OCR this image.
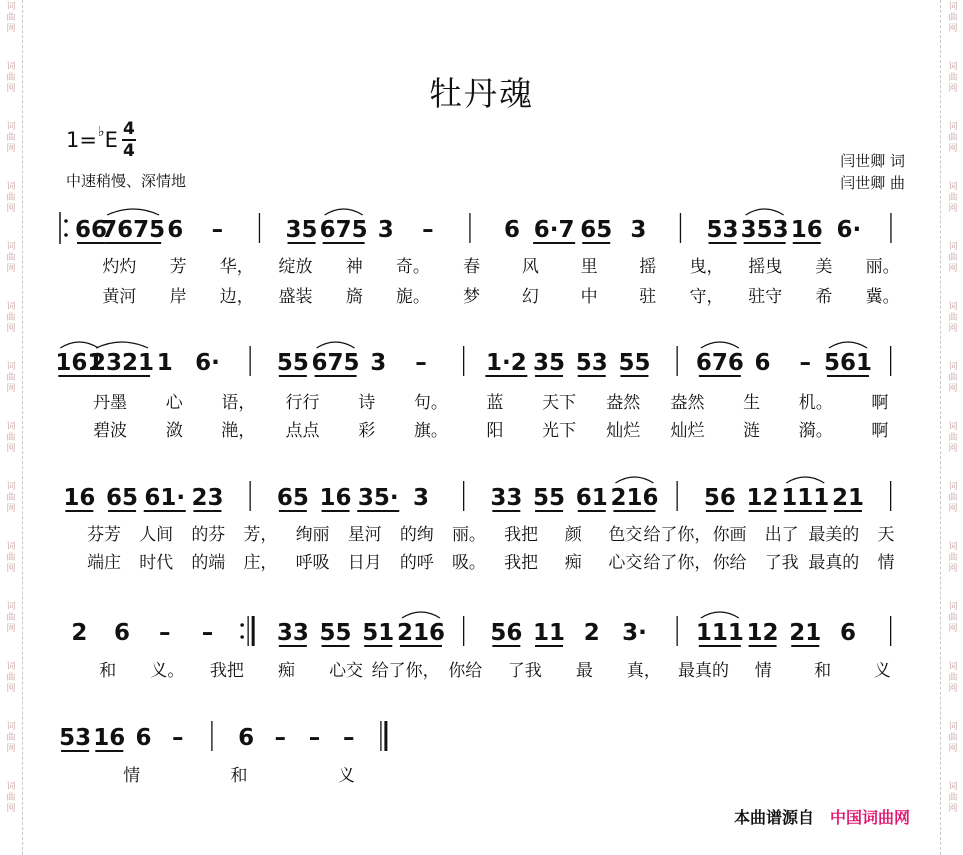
词
曲
网
词
曲
网
词
曲
网
词
曲
网
词
曲
网
词
曲
网
词
曲
网
词
曲
网
词
曲
网
词
曲
网
词
曲
网
词
曲
网
词
曲
网
词
曲
网
词
曲
网
词
曲
网
词
曲
网
词
曲
网
词
曲
网
词
曲
网
词
曲
网
词
曲
网
词
曲
网
词
曲
网
词
曲
网
词
曲
网
词
曲
网
词
曲
网
牡丹魂
1= ♭ E $\frac{4}{4}$
中速稍慢、深情地
闫世卿 词
闫世卿 曲
66
7675 6 –	35 675 3 –	6 6·7 65 3	53 353 16 6·
灼灼 芳 华， 绽放 神 奇。 春 风 里 摇 曳， 摇曳 美 丽。
黄河 岸 边， 盛装 旖 旎。 梦 幻 中 驻 守， 驻守 希 冀。
161
2321 1 6· 55 675 3 –	1·2 35 53 55 676 6 – 561
丹墨 心 语， 行行 诗 句。 蓝 天下 盎然 盎然 生 机。 啊
碧波 潋 滟， 点点 彩 旗。 阳 光下 灿烂 灿烂 涟 漪。 啊
16 65 61· 23 65 16 35· 3	33 55 61 216 56 12 111 21
芬芳 人间 的芬 芳， 绚丽 星河 的绚 丽。 我把 颜 色交 给了你， 你画 出了 最美的 天
端庄 时代 的端 庄， 呼吸 日月 的呼 吸。 我把 痴 心交 给了你， 你给 了我 最真的 情
2 6 – –	33 55 51 216 56 11 2 3· 111 12 21 6
和 义。 我把 痴 心交 给了你， 你给 了我 最 真， 最真的 情	和	义
53 16 6 – 6 – – –
情	和	义
本曲谱源自 中国词曲网
